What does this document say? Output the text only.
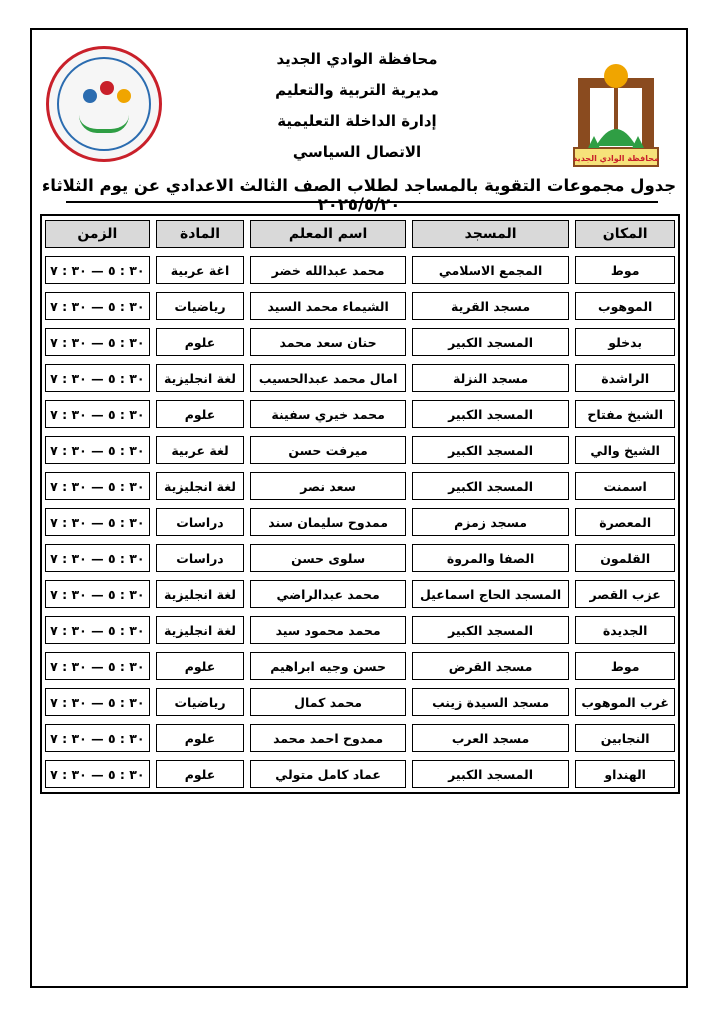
محافظة الوادي الجديد
مديرية التربية والتعليم
إدارة الداخلة التعليمية
الاتصال السياسي	محافظة الوادي الجديد
جدول مجموعات التقوية بالمساجد لطلاب الصف الثالث الاعدادي عن يوم الثلاثاء ٢٠٢٥/٥/٢٠
المكان
المسجد
اسم المعلم
المادة
الزمن
موط
المجمع الاسلامي
محمد عبدالله خضر
اغة عربية
٣٠ : ٥ — ٣٠ : ٧
الموهوب
مسجد القرية
الشيماء محمد السيد
رياضيات
٣٠ : ٥ — ٣٠ : ٧
بدخلو
المسجد الكبير
حنان سعد محمد
علوم
٣٠ : ٥ — ٣٠ : ٧
الراشدة
مسجد النزلة
امال محمد عبدالحسيب
لغة انجليزية
٣٠ : ٥ — ٣٠ : ٧
الشيخ مفتاح
المسجد الكبير
محمد خيري سفينة
علوم
٣٠ : ٥ — ٣٠ : ٧
الشيخ والي
المسجد الكبير
ميرفت حسن
لغة عربية
٣٠ : ٥ — ٣٠ : ٧
اسمنت
المسجد الكبير
سعد نصر
لغة انجليزية
٣٠ : ٥ — ٣٠ : ٧
المعصرة
مسجد زمزم
ممدوح سليمان سند
دراسات
٣٠ : ٥ — ٣٠ : ٧
القلمون
الصفا والمروة
سلوى حسن
دراسات
٣٠ : ٥ — ٣٠ : ٧
عزب القصر
المسجد الحاج اسماعيل
محمد عبدالراضي
لغة انجليزية
٣٠ : ٥ — ٣٠ : ٧
الجديدة
المسجد الكبير
محمد محمود سيد
لغة انجليزية
٣٠ : ٥ — ٣٠ : ٧
موط
مسجد القرض
حسن وجيه ابراهيم
علوم
٣٠ : ٥ — ٣٠ : ٧
غرب الموهوب
مسجد السيدة زينب
محمد كمال
رياضيات
٣٠ : ٥ — ٣٠ : ٧
النجابين
مسجد العرب
ممدوح احمد محمد
علوم
٣٠ : ٥ — ٣٠ : ٧
الهنداو
المسجد الكبير
عماد كامل متولي
علوم
٣٠ : ٥ — ٣٠ : ٧
